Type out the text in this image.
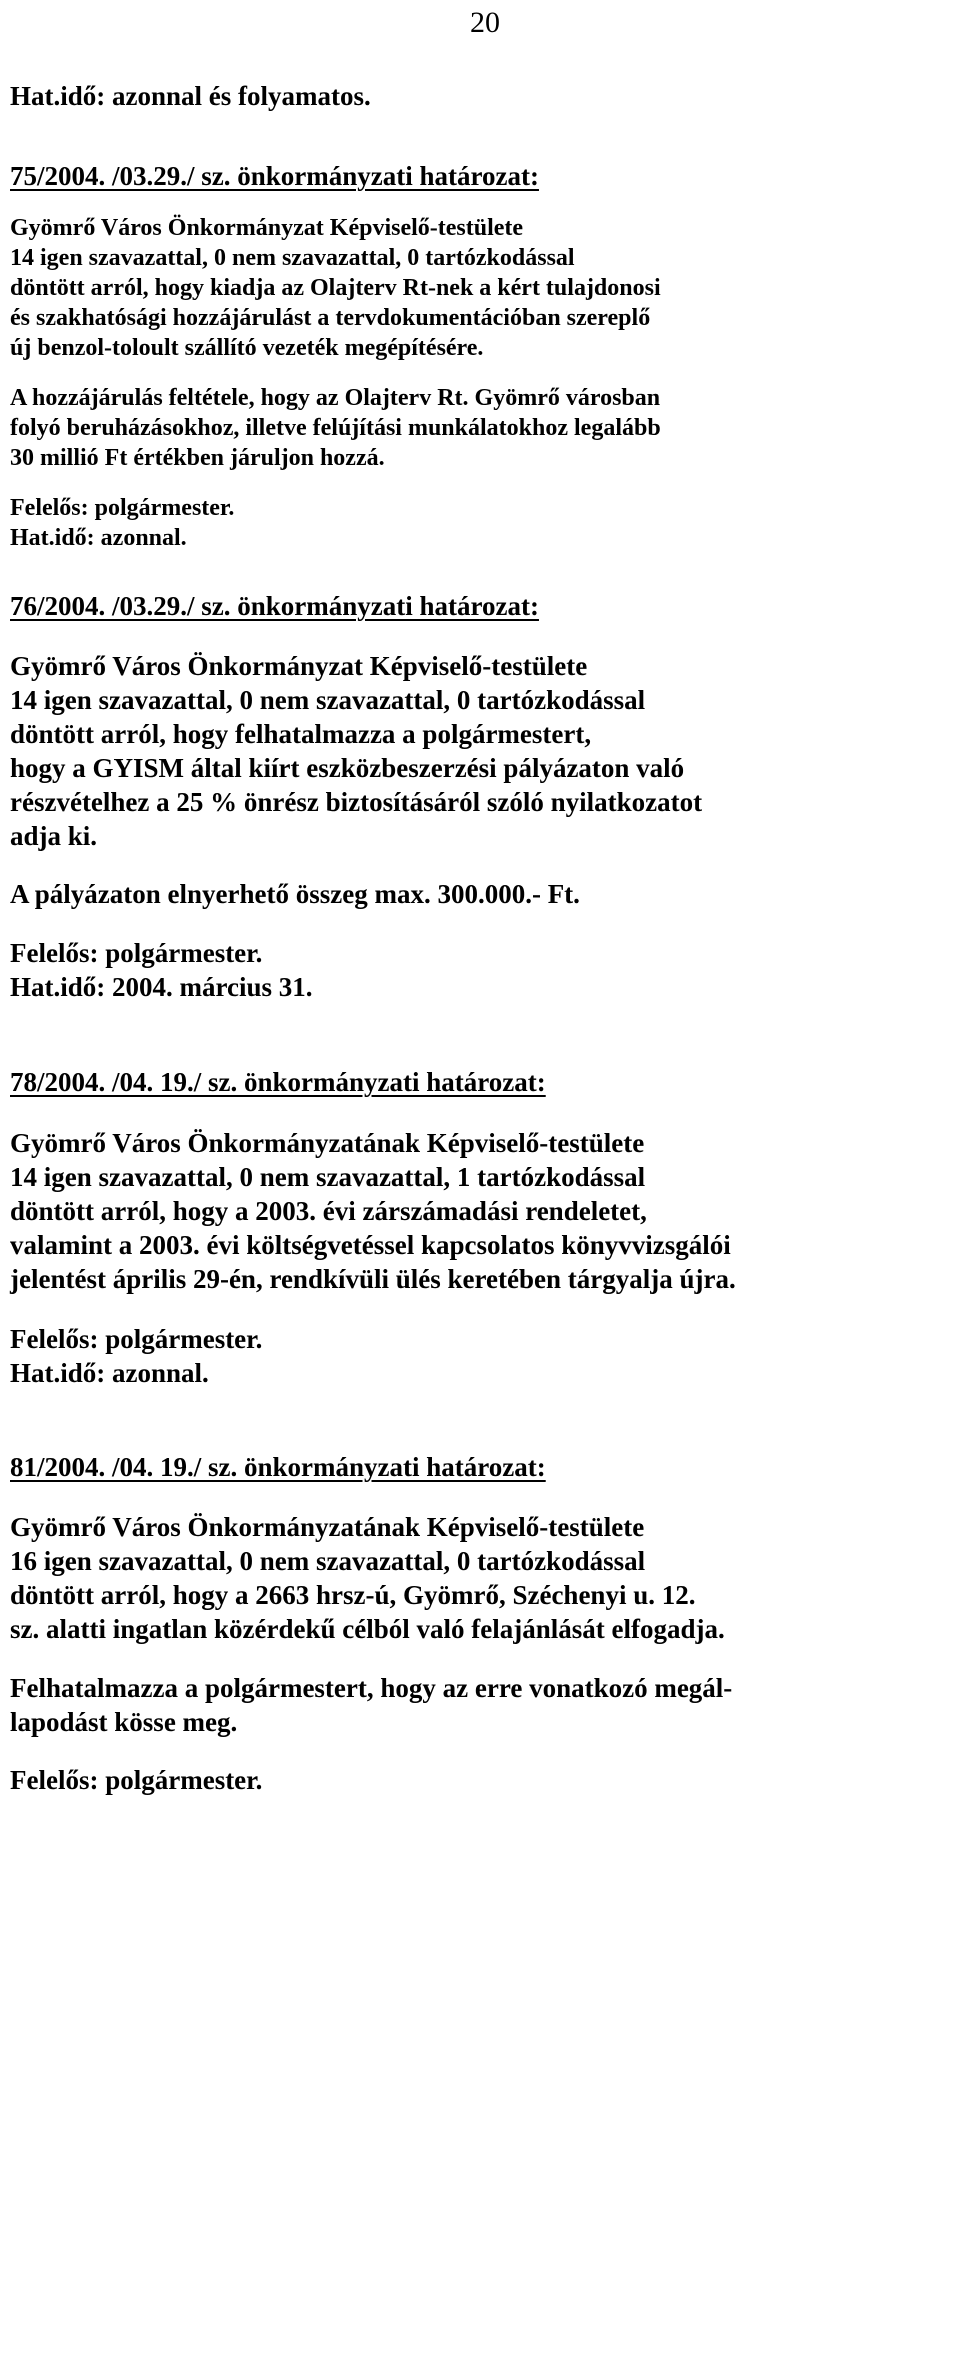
20
Hat.idő: azonnal és folyamatos.
75/2004. /03.29./ sz. önkormányzati határozat:
Gyömrő Város Önkormányzat Képviselő-testülete
14 igen szavazattal, 0 nem szavazattal, 0 tartózkodással
döntött arról, hogy kiadja az Olajterv Rt-nek a kért tulajdonosi
és szakhatósági hozzájárulást a tervdokumentációban szereplő
új benzol-toloult szállító vezeték megépítésére.
A hozzájárulás feltétele, hogy az Olajterv Rt. Gyömrő városban
folyó beruházásokhoz, illetve felújítási munkálatokhoz legalább
30 millió Ft értékben járuljon hozzá.
Felelős: polgármester.
Hat.idő: azonnal.
76/2004. /03.29./ sz. önkormányzati határozat:
Gyömrő Város Önkormányzat Képviselő-testülete
14 igen szavazattal, 0 nem szavazattal, 0 tartózkodással
döntött arról, hogy felhatalmazza a polgármestert,
hogy a GYISM által kiírt eszközbeszerzési pályázaton való
részvételhez a 25 % önrész biztosításáról szóló nyilatkozatot
adja ki.
A pályázaton elnyerhető összeg max. 300.000.- Ft.
Felelős: polgármester.
Hat.idő: 2004. március 31.
78/2004. /04. 19./ sz. önkormányzati határozat:
Gyömrő Város Önkormányzatának Képviselő-testülete
14 igen szavazattal, 0 nem szavazattal, 1 tartózkodással
döntött arról, hogy a 2003. évi zárszámadási rendeletet,
valamint a 2003. évi költségvetéssel kapcsolatos könyvvizsgálói
jelentést április 29-én, rendkívüli ülés keretében tárgyalja újra.
Felelős: polgármester.
Hat.idő: azonnal.
81/2004. /04. 19./ sz. önkormányzati határozat:
Gyömrő Város Önkormányzatának Képviselő-testülete
16 igen szavazattal, 0 nem szavazattal, 0 tartózkodással
döntött arról, hogy a 2663 hrsz-ú, Gyömrő, Széchenyi u. 12.
sz. alatti ingatlan közérdekű célból való felajánlását elfogadja.
Felhatalmazza a polgármestert, hogy az erre vonatkozó megál-
lapodást kösse meg.
Felelős: polgármester.
